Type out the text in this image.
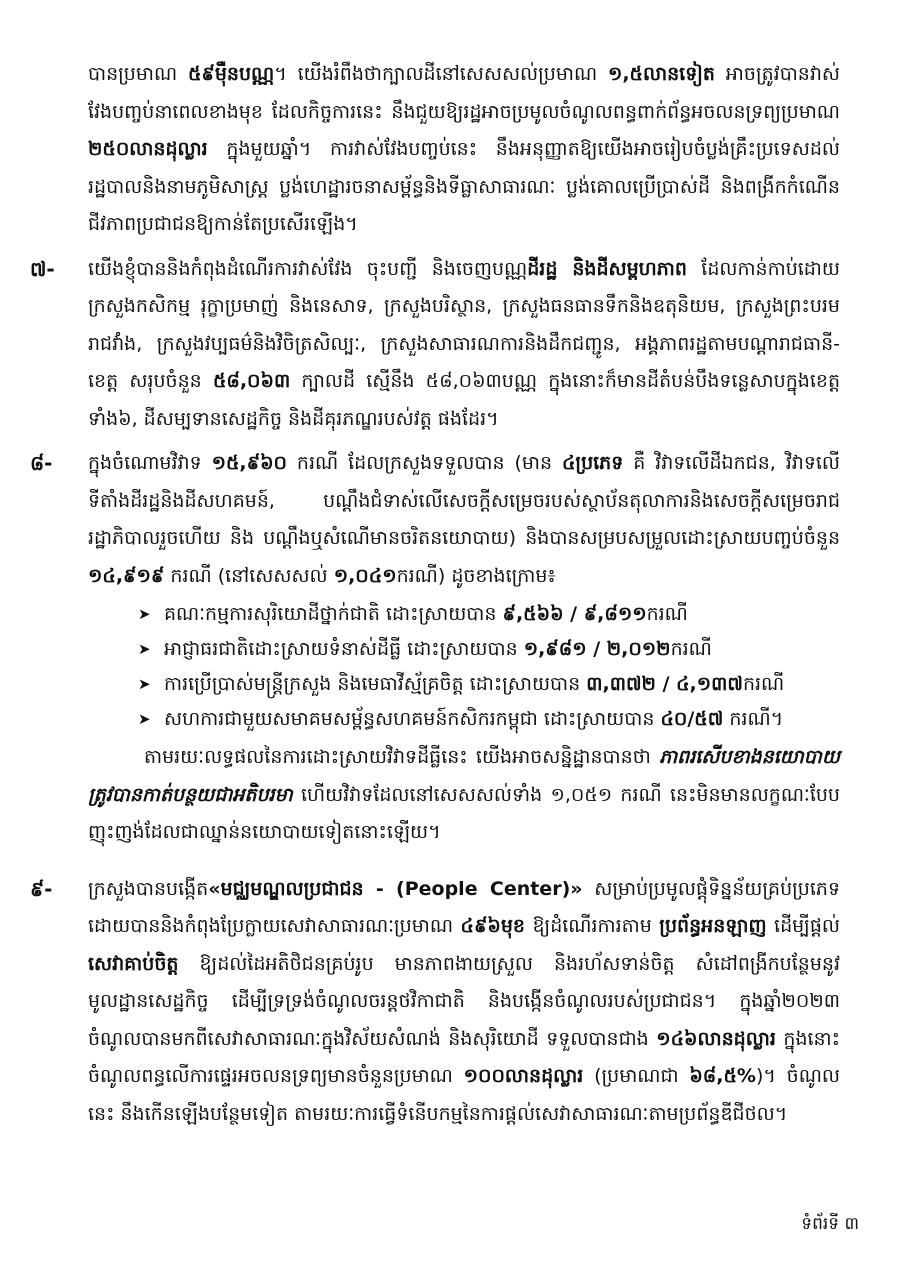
បានប្រមាណ ៥៩ម៉ឺនបណ្ណ។ យើងរំពឹងថាក្បាលដីនៅសេសសល់ប្រមាណ ១,៥លានទៀត អាចត្រូវបានវាស់វែងបញ្ចប់នាពេលខាងមុខ ដែលកិច្ចការនេះ នឹងជួយឱ្យរដ្ឋអាចប្រមូលចំណូលពន្ធពាក់ព័ន្ធអចលនទ្រព្យប្រមាណ ២៥០លានដុល្លារ ក្នុងមួយឆ្នាំ។ ការវាស់វែងបញ្ចប់នេះ នឹងអនុញ្ញាតឱ្យយើងអាចរៀបចំប្លង់គ្រឹះប្រទេស​ដល់​រដ្ឋបាលនិងនាមភូមិសាស្ត្រ ប្លង់ហេដ្ឋារចនាសម្ព័ន្ធនិងទីធ្លាសាធារណៈ ប្លង់គោលប្រើប្រាស់ដី និងពង្រីកកំណើនជីវភាពប្រជាជនឱ្យកាន់តែប្រសើរឡើង។

៧-	យើងខ្ញុំបាននិងកំពុងដំណើរការវាស់វែង ចុះបញ្ជី និងចេញបណ្ណដីរដ្ឋ និងដីសម្ពហភាព ដែលកាន់កាប់ដោយក្រសួងកសិកម្ម រុក្ខាប្រមាញ់ និងនេសាទ, ក្រសួងបរិស្ថាន, ក្រសួងធនធានទឹកនិងឧតុនិយម, ក្រសួងព្រះបរមរាជវាំង, ក្រសួងវប្បធម៌និងវិចិត្រសិល្បៈ, ក្រសួងសាធារណការនិងដឹកជញ្ជូន, អង្គភាពរដ្ឋតាមបណ្តារាជធានី-ខេត្ត សរុបចំនួន ៥៨,០៦៣ ក្បាលដី ស្មើនឹង ៥៨,០៦៣បណ្ណ ក្នុងនោះក៏មានដីតំបន់បឹងទន្លេសាបក្នុងខេត្តទាំង៦, ដីសម្បទានសេដ្ឋកិច្ច និងដីគុរភណ្ឌរបស់វត្ត ផងដែរ។

៨-	ក្នុងចំណោមវិវាទ ១៥,៩៦០ ករណី ដែលក្រសួងទទួលបាន (មាន ៤ប្រភេទ គឺ វិវាទលើដីឯកជន, វិវាទលើទីតាំងដីរដ្ឋនិងដីសហគមន៍, បណ្តឹងជំទាស់លើសេចក្តីសម្រេចរបស់ស្ថាប័នតុលាការនិងសេចក្តីសម្រេចរាជរដ្ឋាភិបាលរួចហើយ និង បណ្តឹងឬសំណើមានចរិតនយោបាយ) និងបានសម្របសម្រួលដោះស្រាយបញ្ចប់ចំនួន ១៤,៩១៩ ករណី (នៅសេសសល់ ១,០៤១ករណី) ដូចខាងក្រោម៖

➤ គណៈកម្មការសុរិយោដីថ្នាក់ជាតិ ដោះស្រាយបាន ៩,៥៦៦ / ៩,៨១១ករណី
➤ អាជ្ញាធរជាតិដោះស្រាយទំនាស់ដីធ្លី ដោះស្រាយបាន ១,៩៨១ / ២,០១២ករណី
➤ ការប្រើប្រាស់មន្ត្រីក្រសួង និងមេធាវីស្ម័គ្រចិត្ត ដោះស្រាយបាន ៣,៣៧២ / ៤,១៣៧ករណី
➤ សហការជាមួយសមាគមសម្ព័ន្ធសហគមន៍កសិករកម្ពុជា ដោះស្រាយបាន ៤០/៥៧ ករណី។

តាមរយៈលទ្ធផលនៃការដោះស្រាយវិវាទដីធ្លីនេះ យើងអាចសន្និដ្ឋានបានថា ភាពរសើបខាងនយោបាយត្រូវបានកាត់បន្ថយជាអតិបរមា ហើយវិវាទដែលនៅសេសសល់ទាំង ១,០៥១ ករណី នេះមិនមានលក្ខណៈបែបញុះញង់ដែលជាឈ្នាន់នយោបាយទៀតនោះឡើយ។

៩-	ក្រសួងបានបង្កើត«មជ្ឈមណ្ឌលប្រជាជន - (People Center)» សម្រាប់ប្រមូលផ្តុំទិន្នន័យគ្រប់ប្រភេទ ដោយបាននិងកំពុងប្រែក្លាយសេវាសាធារណៈប្រមាណ ៤៩៦មុខ ឱ្យដំណើរការតាម ប្រព័ន្ធអនឡាញ ដើម្បីផ្តល់ សេវាគាប់ចិត្ត ឱ្យដល់ដៃអតិថិជនគ្រប់រូប មានភាពងាយស្រួល និងរហ័សទាន់ចិត្ត សំដៅពង្រីកបន្ថែមនូវមូលដ្ឋានសេដ្ឋកិច្ច ដើម្បីទ្រទ្រង់ចំណូលចរន្តថវិកាជាតិ និងបង្កើនចំណូលរបស់ប្រជាជន។ ក្នុងឆ្នាំ២០២៣ ចំណូលបានមកពីសេវាសាធារណៈក្នុងវិស័យសំណង់ និងសុរិយោដី ទទួលបានជាង ១៤៦លានដុល្លារ ក្នុងនោះចំណូលពន្ធលើការផ្ទេរអចលនទ្រព្យមានចំនួនប្រមាណ ១០០លានដុល្លារ (ប្រមាណជា ៦៨,៥%)។ ចំណូលនេះ នឹងកើនឡើងបន្ថែមទៀត តាមរយៈការធ្វើទំនើបកម្មនៃការផ្តល់សេវាសាធារណៈតាមប្រព័ន្ធឌីជីថល។

ទំព័រទី ៣
